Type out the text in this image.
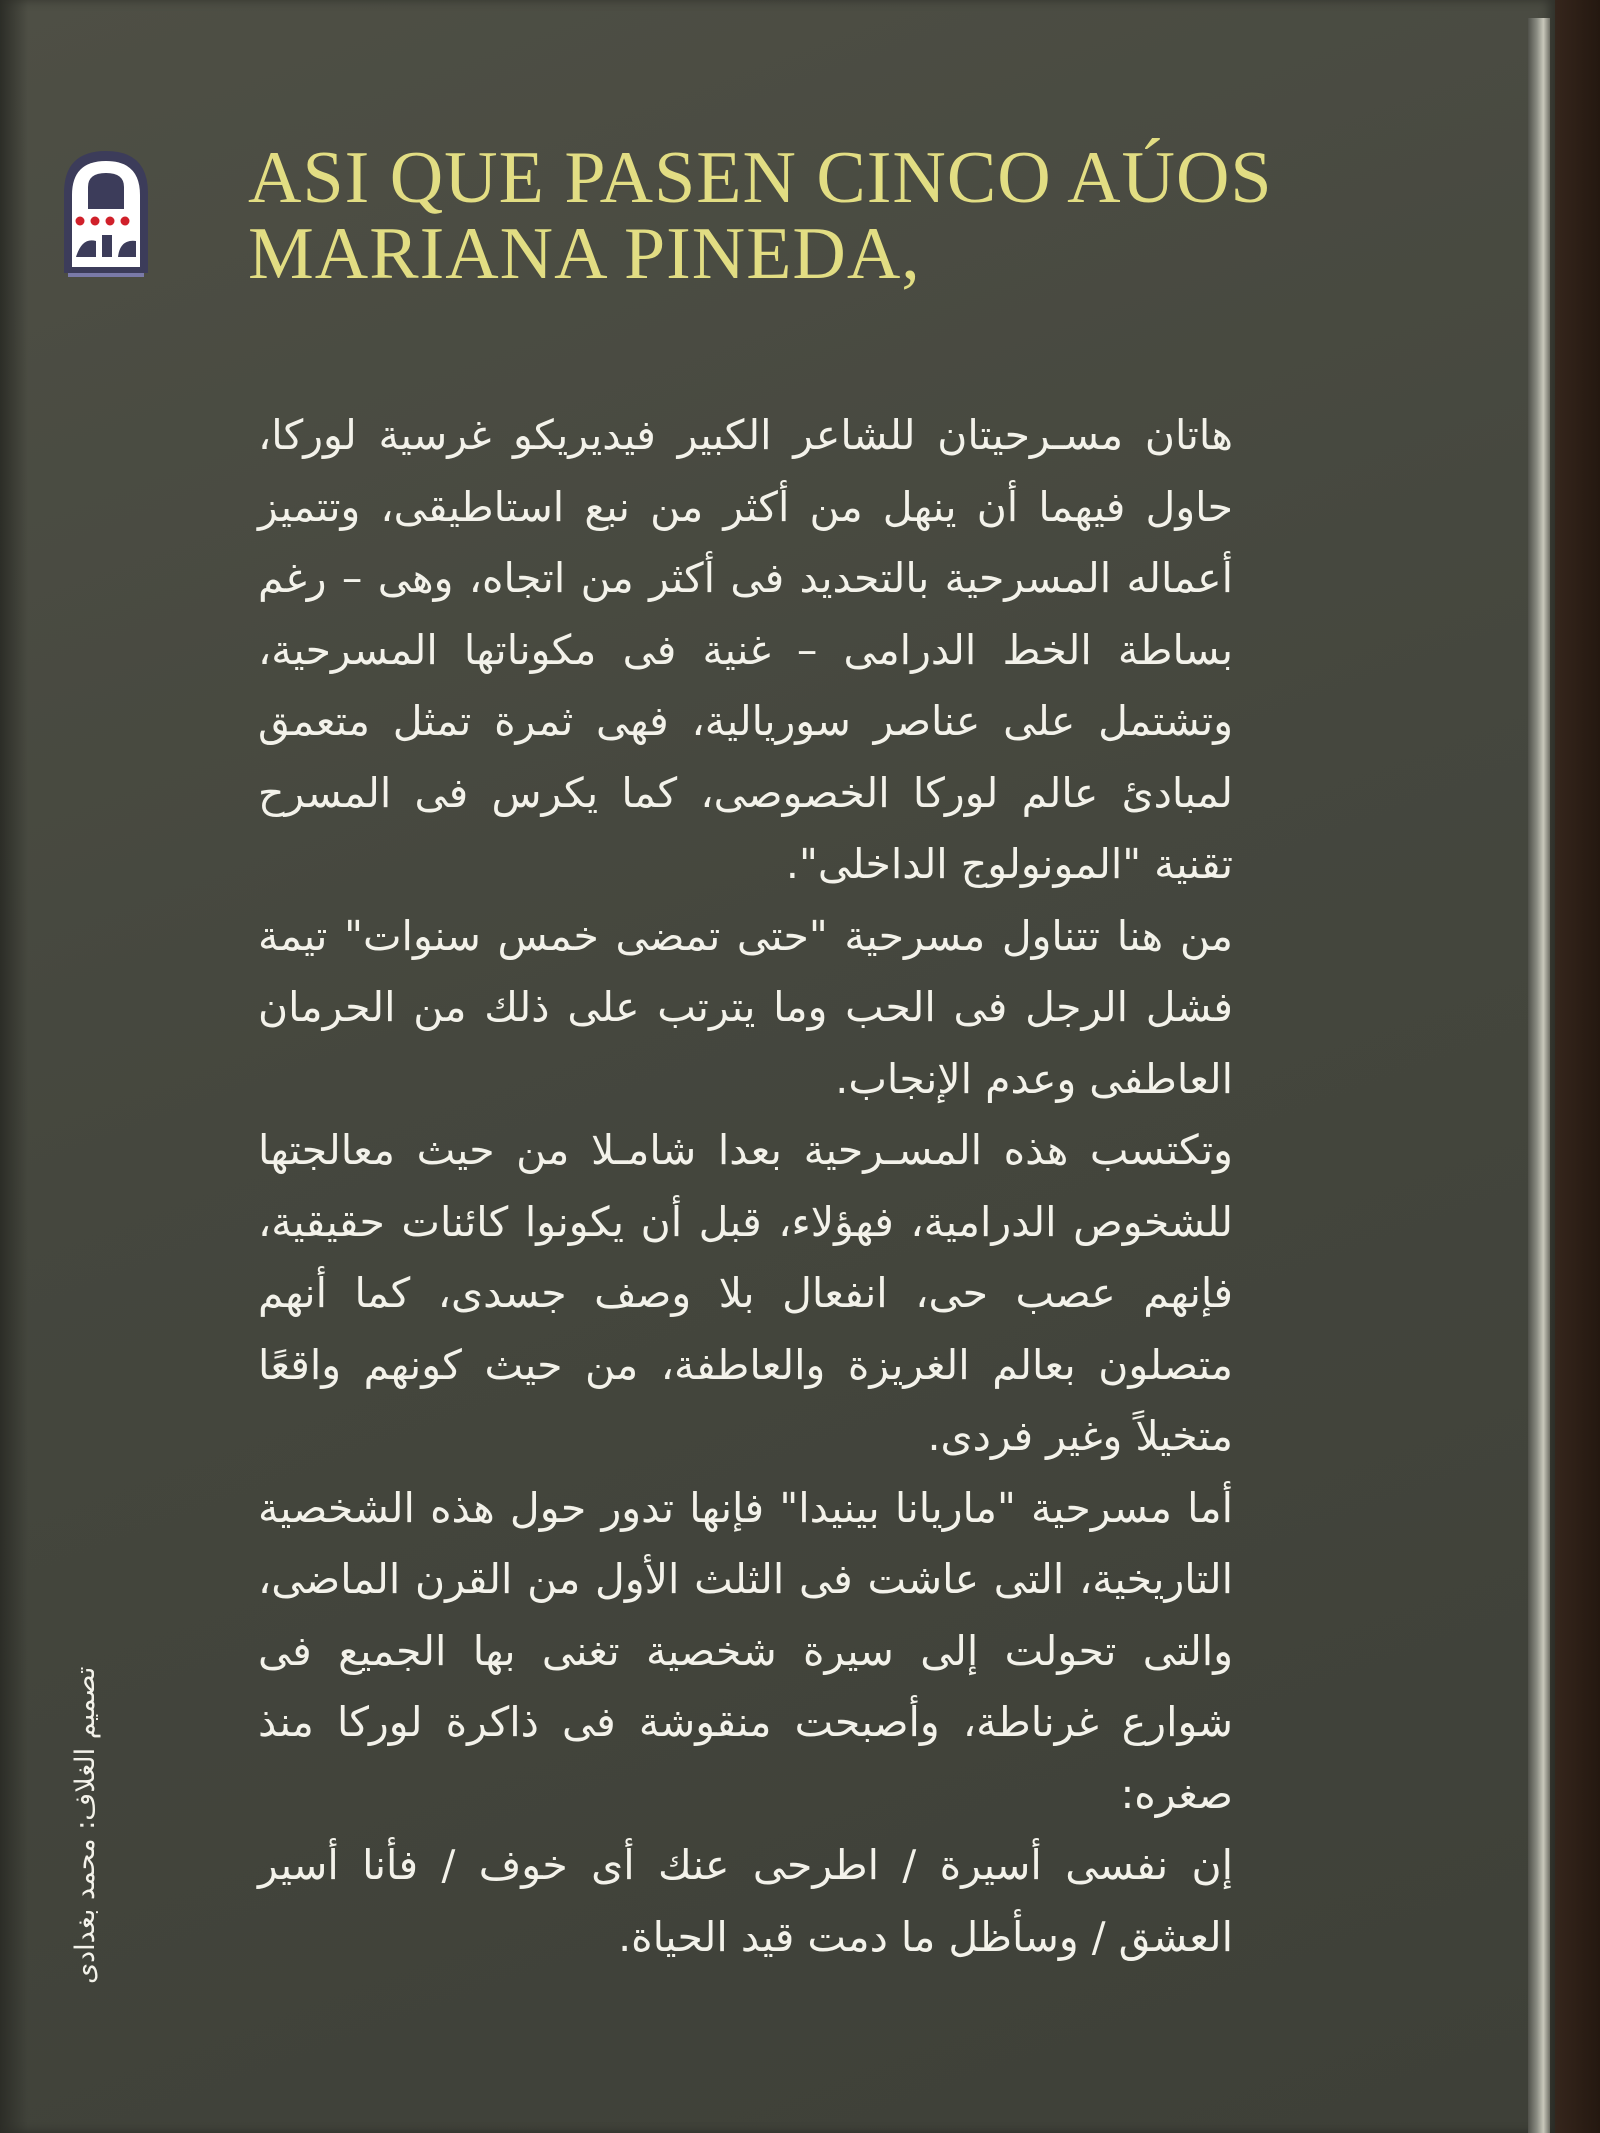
ASI QUE PASEN CINCO AÚOS
MARIANA PINEDA,

هاتان مسـرحيتان للشاعر الكبير فيديريكو غرسية لوركا، حاول فيهما أن ينهل من أكثر من نبع استاطيقى، وتتميز أعماله المسرحية بالتحديد فى أكثر من اتجاه، وهى – رغم بساطة الخط الدرامى – غنية فى مكوناتها المسرحية، وتشتمل على عناصر سوريالية، فهى ثمرة تمثل متعمق لمبادئ عالم لوركا الخصوصى، كما يكرس فى المسرح تقنية "المونولوج الداخلى".

من هنا تتناول مسرحية "حتى تمضى خمس سنوات" تيمة فشل الرجل فى الحب وما يترتب على ذلك من الحرمان العاطفى وعدم الإنجاب.

وتكتسب هذه المسـرحية بعدا شامـلا من حيث معالجتها للشخوص الدرامية، فهؤلاء، قبل أن يكونوا كائنات حقيقية، فإنهم عصب حى، انفعال بلا وصف جسدى، كما أنهم متصلون بعالم الغريزة والعاطفة، من حيث كونهم واقعًا متخيلاً وغير فردى.

أما مسرحية "ماريانا بينيدا" فإنها تدور حول هذه الشخصية التاريخية، التى عاشت فى الثلث الأول من القرن الماضى، والتى تحولت إلى سيرة شخصية تغنى بها الجميع فى شوارع غرناطة، وأصبحت منقوشة فى ذاكرة لوركا منذ صغره:

إن نفسى أسيرة / اطرحى عنك أى خوف / فأنا أسير العشق / وسأظل ما دمت قيد الحياة.

تصميم الغلاف: محمد بغدادى
